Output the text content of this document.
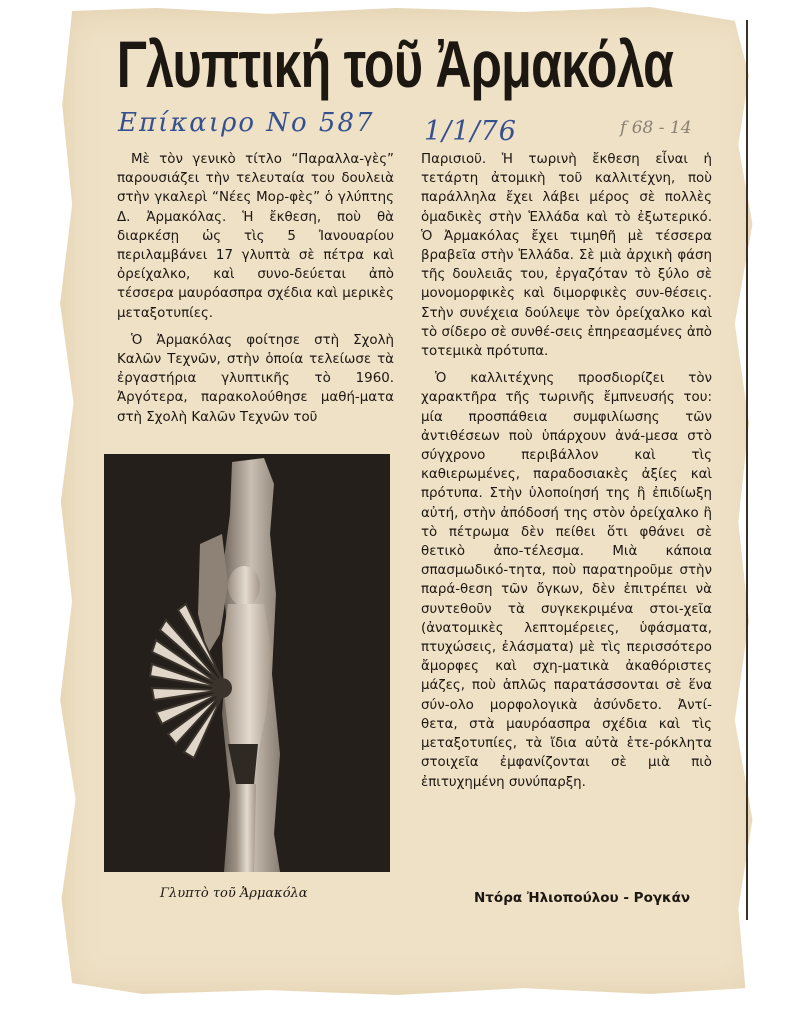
Γλυπτική τοῦ Ἀρμακόλα
Επίκαιρο Νο 587 1/1/76	f 68 - 14

Μὲ τὸν γενικὸ τίτλο “Παραλλα-γὲς” παρουσιάζει τὴν τελευταία του δουλειὰ στὴν γκαλερὶ “Νέες Μορ-φὲς” ὁ γλύπτης Δ. Ἀρμακόλας. Ἡ ἔκθεση, ποὺ θὰ διαρκέσῃ ὡς τὶς 5 Ἰανουαρίου περιλαμβάνει 17 γλυπτὰ σὲ πέτρα καὶ ὀρείχαλκο, καὶ συνο-δεύεται ἀπὸ τέσσερα μαυρόασπρα σχέδια καὶ μερικὲς μεταξοτυπίες.

Ὁ Ἀρμακόλας φοίτησε στὴ Σχολὴ Καλῶν Τεχνῶν, στὴν ὁποία τελείωσε τὰ ἐργαστήρια γλυπτικῆς τὸ 1960. Ἀργότερα, παρακολούθησε μαθή-ματα στὴ Σχολὴ Καλῶν Τεχνῶν τοῦ

Παρισιοῦ. Ἡ τωρινὴ ἔκθεση εἶναι ἡ τετάρτη ἀτομικὴ τοῦ καλλιτέχνη, ποὺ παράλληλα ἔχει λάβει μέρος σὲ πολλὲς ὁμαδικὲς στὴν Ἑλλάδα καὶ τὸ ἐξωτερικό. Ὁ Ἀρμακόλας ἔχει τιμηθῆ μὲ τέσσερα βραβεῖα στὴν Ἑλλάδα. Σὲ μιὰ ἀρχικὴ φάση τῆς δουλειᾶς του, ἐργαζόταν τὸ ξύλο σὲ μονομορφικὲς καὶ διμορφικὲς συν-θέσεις. Στὴν συνέχεια δούλεψε τὸν ὀρείχαλκο καὶ τὸ σίδερο σὲ συνθέ-σεις ἐπηρεασμένες ἀπὸ τοτεμικὰ πρότυπα.

Ὁ καλλιτέχνης προσδιορίζει τὸν χαρακτῆρα τῆς τωρινῆς ἔμπνευσής του: μία προσπάθεια συμφιλίωσης τῶν ἀντιθέσεων ποὺ ὑπάρχουν ἀνά-μεσα στὸ σύγχρονο περιβάλλον καὶ τὶς καθιερωμένες, παραδοσιακὲς ἀξίες καὶ πρότυπα. Στὴν ὑλοποίησή της ἢ ἐπιδίωξη αὐτή, στὴν ἀπόδοσή της στὸν ὀρείχαλκο ἢ τὸ πέτρωμα δὲν πείθει ὅτι φθάνει σὲ θετικὸ ἀπο-τέλεσμα. Μιὰ κάποια σπασμωδικό-τητα, ποὺ παρατηροῦμε στὴν παρά-θεση τῶν ὄγκων, δὲν ἐπιτρέπει νὰ συντεθοῦν τὰ συγκεκριμένα στοι-χεῖα (ἀνατομικὲς λεπτομέρειες, ὑφάσματα, πτυχώσεις, ἐλάσματα) μὲ τὶς περισσότερο ἄμορφες καὶ σχη-ματικὰ ἀκαθόριστες μάζες, ποὺ ἁπλῶς παρατάσσονται σὲ ἕνα σύν-ολο μορφολογικὰ ἀσύνδετο. Ἀντί-θετα, στὰ μαυρόασπρα σχέδια καὶ τὶς μεταξοτυπίες, τὰ ἴδια αὐτὰ ἑτε-ρόκλητα στοιχεῖα ἐμφανίζονται σὲ μιὰ πιὸ ἐπιτυχημένη συνύπαρξη.

Γλυπτὸ τοῦ Ἀρμακόλα	Ντόρα Ἠλιοπούλου - Ρογκάν
